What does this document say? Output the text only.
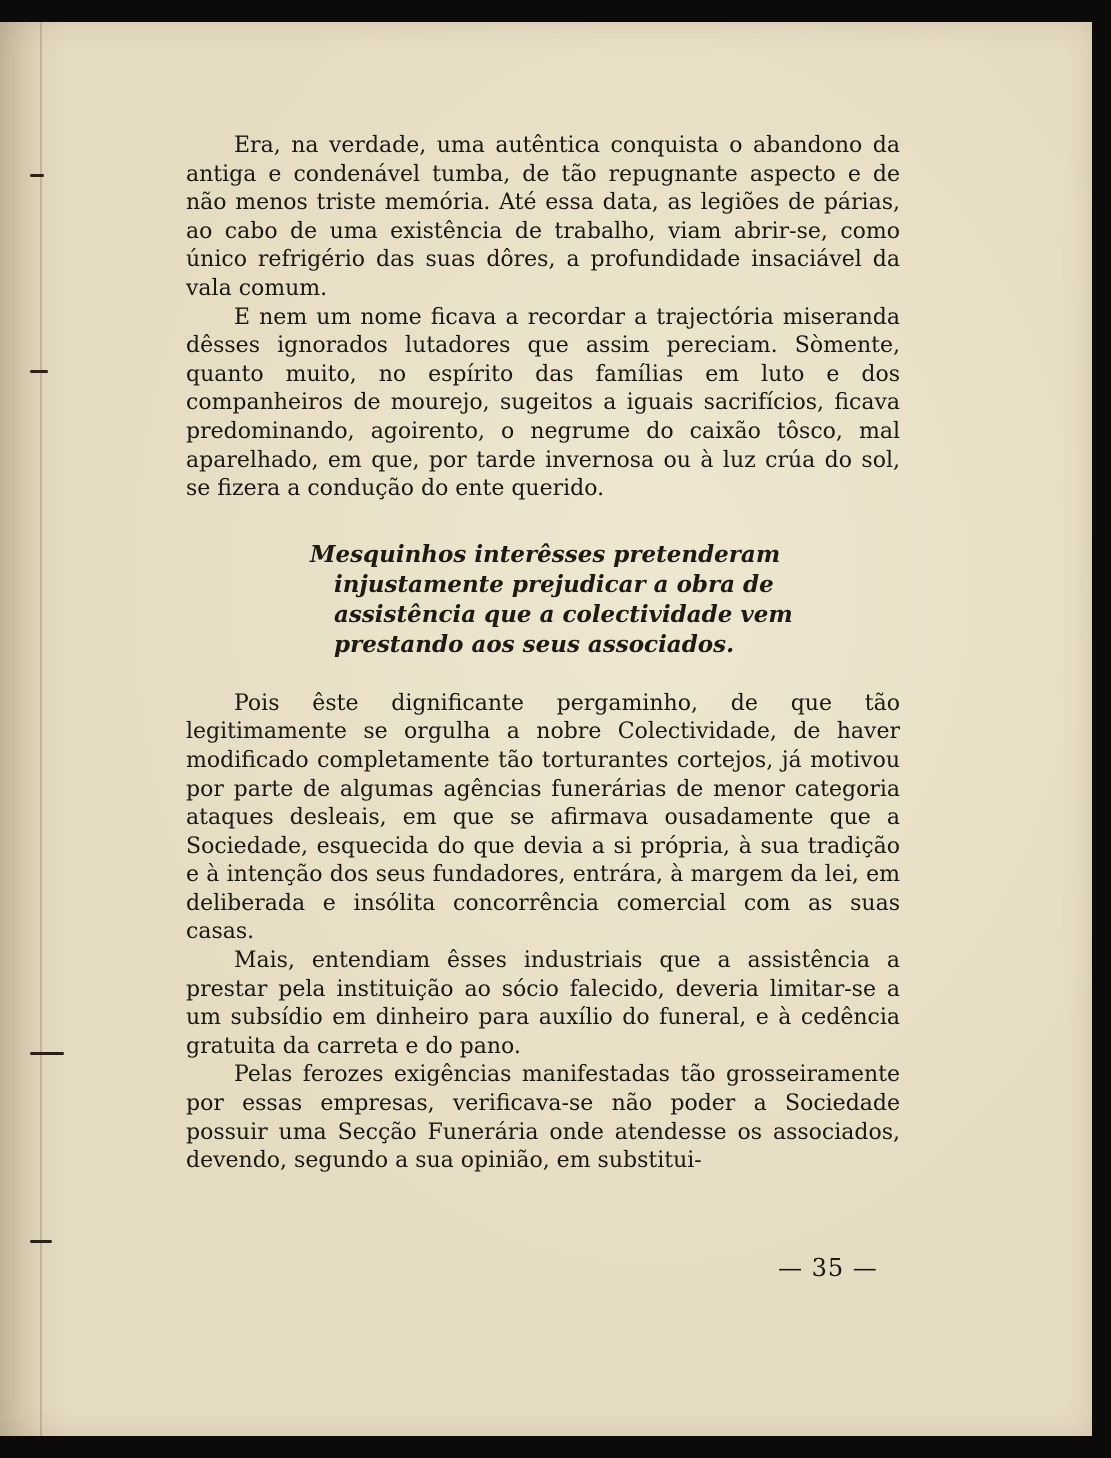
Era, na verdade, uma autêntica conquista o abandono da antiga e condenável tumba, de tão repugnante aspecto e de não menos triste memória. Até essa data, as legiões de párias, ao cabo de uma existência de trabalho, viam abrir-se, como único refrigério das suas dôres, a profundidade insaciável da vala comum.

E nem um nome ficava a recordar a trajectória miseranda dêsses ignorados lutadores que assim pereciam. Sòmente, quanto muito, no espírito das famílias em luto e dos companheiros de mourejo, sugeitos a iguais sacrifícios, ficava predominando, agoirento, o negrume do caixão tôsco, mal aparelhado, em que, por tarde invernosa ou à luz crúa do sol, se fizera a condução do ente querido.

Mesquinhos interêsses pretenderam injustamente prejudicar a obra de assistência que a colectividade vem prestando aos seus associados.

Pois êste dignificante pergaminho, de que tão legitimamente se orgulha a nobre Colectividade, de haver modificado completamente tão torturantes cortejos, já motivou por parte de algumas agências funerárias de menor categoria ataques desleais, em que se afirmava ousadamente que a Sociedade, esquecida do que devia a si própria, à sua tradição e à intenção dos seus fundadores, entrára, à margem da lei, em deliberada e insólita concorrência comercial com as suas casas.

Mais, entendiam êsses industriais que a assistência a prestar pela instituição ao sócio falecido, deveria limitar-se a um subsídio em dinheiro para auxílio do funeral, e à cedência gratuita da carreta e do pano.

Pelas ferozes exigências manifestadas tão grosseiramente por essas empresas, verificava-se não poder a Sociedade possuir uma Secção Funerária onde atendesse os associados, devendo, segundo a sua opinião, em substitui-

— 35 —
